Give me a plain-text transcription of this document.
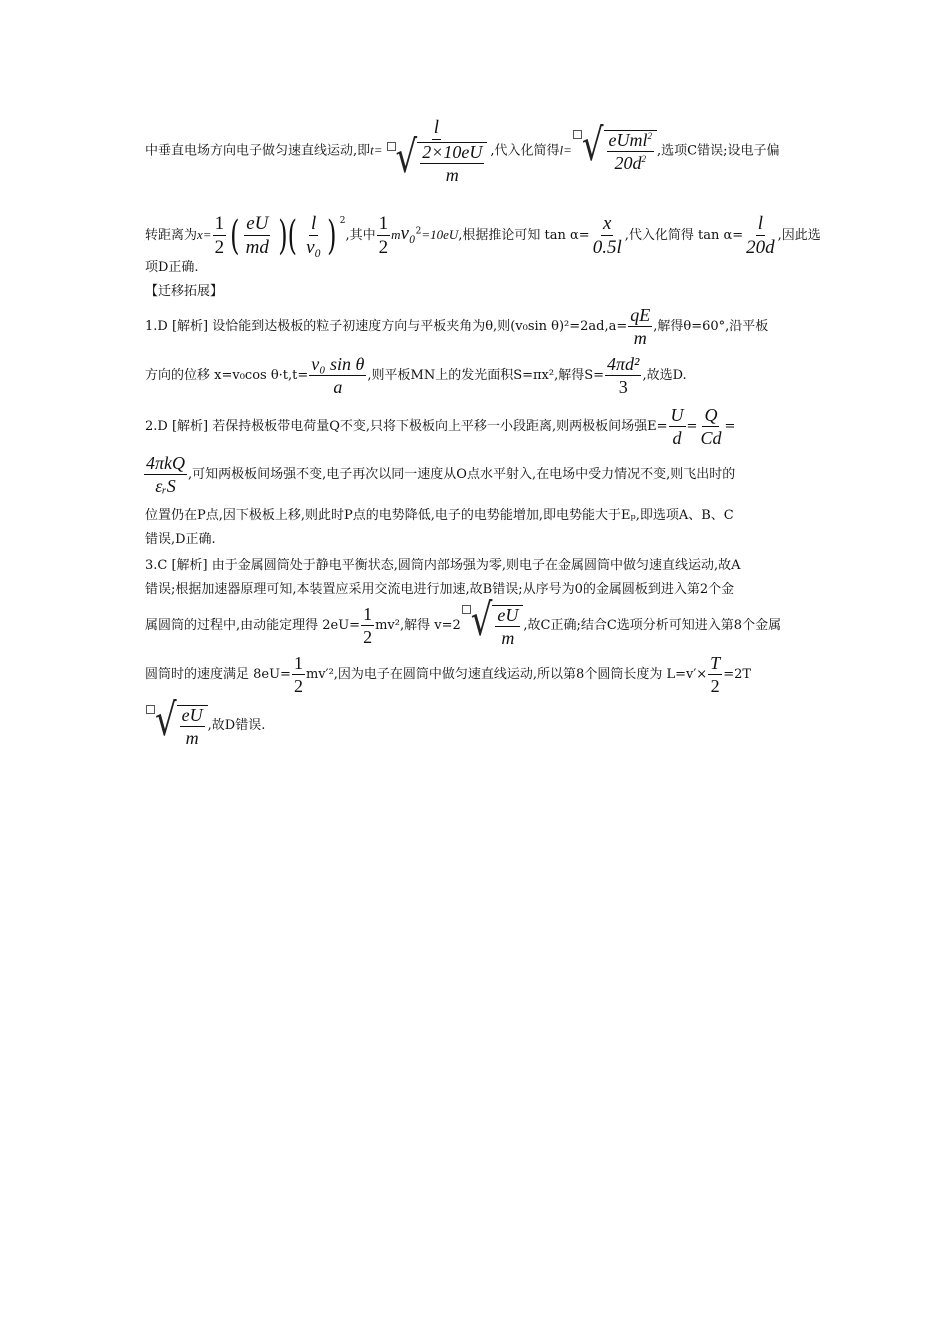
中垂直电场方向电子做匀速直线运动,即$t= \frac{l}{√ \frac{2\times 10eU}{m}}$ ,代入化简得l= √ $\frac{eUml^2}{20d^2}$ ,选项C错误;设电子偏
转距离为$x= \frac{1}{2}$ ( $\frac{eU}{md}$ )( $\frac{l}{\text{v₀}}$ ) $^2$,其中 $\frac{1}{2} mv_0^2=10eU$,根据推论可知 $\tan \alpha= \frac{x}{0.5l}$ ,代入化简得 $\tan \alpha= \frac{l}{20d}$ ,因此选
项D正确.
【迁移拓展】
1.D [解析] 设恰能到达极板的粒子初速度方向与平板夹角为θ,则(v₀sin $\theta)^2=2ad,a= \frac{qE}{m}$ ,解得θ=60°,沿平板
方向的位移 x=v₀cos $\theta\cdot t,t= \frac{\text{v₀ sin θ}}{a}$ ,则平板MN上的发光面积S=πx²,解得$S= \frac{\text{4πd²}}{3}$ ,故选D.
2.D [解析] 若保持极板带电荷量Q不变,只将下极板向上平移一小段距离,则两极板间场强$E= \frac{U}{d} = \frac{Q}{Cd}$ =
$\frac{\text{4πkQ}}{\text{εᵣS}}$ ,可知两极板间场强不变,电子再次以同一速度从O点水平射入,在电场中受力情况不变,则飞出时的
位置仍在P点,因下极板上移,则此时P点的电势降低,电子的电势能增加,即电势能大于Eₚ,即选项A、B、C
错误,D正确.
3.C [解析] 由于金属圆筒处于静电平衡状态,圆筒内部场强为零,则电子在金属圆筒中做匀速直线运动,故A
错误;根据加速器原理可知,本装置应采用交流电进行加速,故B错误;从序号为0的金属圆板到进入第2个金
属圆筒的过程中,由动能定理得 $2eU= \frac{1}{2} mv^2$,解得 v=2 √ $\frac{eU}{m}$ ,故C正确;结合C选项分析可知进入第8个金属
圆筒时的速度满足 $8eU= \frac{1}{2} mv'^2$,因为电子在圆筒中做匀速直线运动,所以第8个圆筒长度为 $L=v'\times \frac{T}{2} =2T$
√ $\frac{eU}{m}$ ,故D错误.
